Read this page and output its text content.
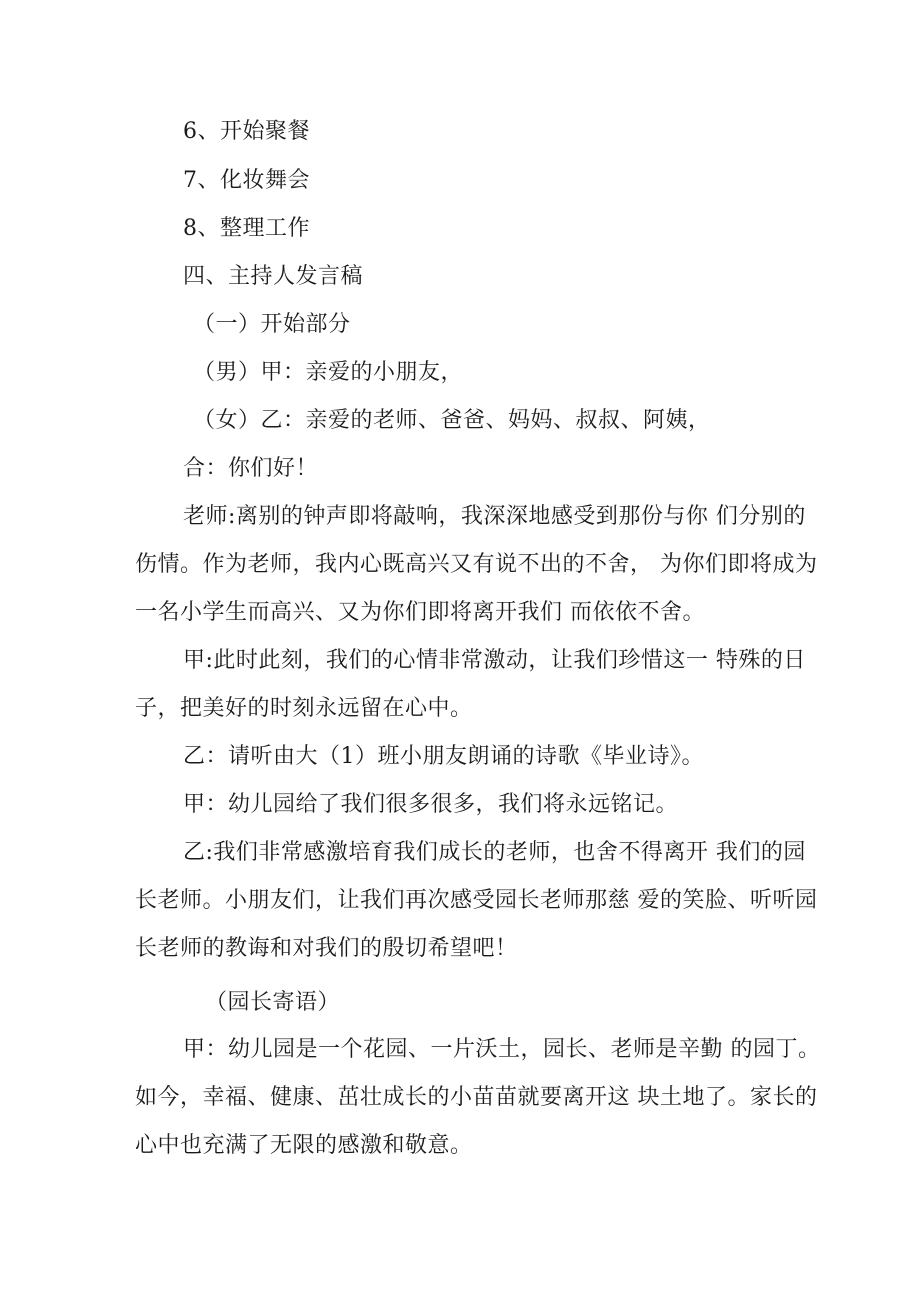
6、开始聚餐
7、化妆舞会
8、整理工作
四、主持人发言稿
（一）开始部分
（男）甲：亲爱的小朋友，
（女）乙：亲爱的老师、爸爸、妈妈、叔叔、阿姨，
合：你们好！
老师:离别的钟声即将敲响，我深深地感受到那份与你 们分别的
伤情。作为老师，我内心既高兴又有说不出的不舍， 为你们即将成为
一名小学生而高兴、又为你们即将离开我们 而依依不舍。
甲:此时此刻，我们的心情非常激动，让我们珍惜这一 特殊的日
子，把美好的时刻永远留在心中。
乙：请听由大（1）班小朋友朗诵的诗歌《毕业诗》。
甲：幼儿园给了我们很多很多，我们将永远铭记。
乙:我们非常感激培育我们成长的老师，也舍不得离开 我们的园
长老师。小朋友们，让我们再次感受园长老师那慈 爱的笑脸、听听园
长老师的教诲和对我们的殷切希望吧！
（园长寄语）
甲：幼儿园是一个花园、一片沃土，园长、老师是辛勤 的园丁。
如今，幸福、健康、茁壮成长的小苗苗就要离开这 块土地了。家长的
心中也充满了无限的感激和敬意。
